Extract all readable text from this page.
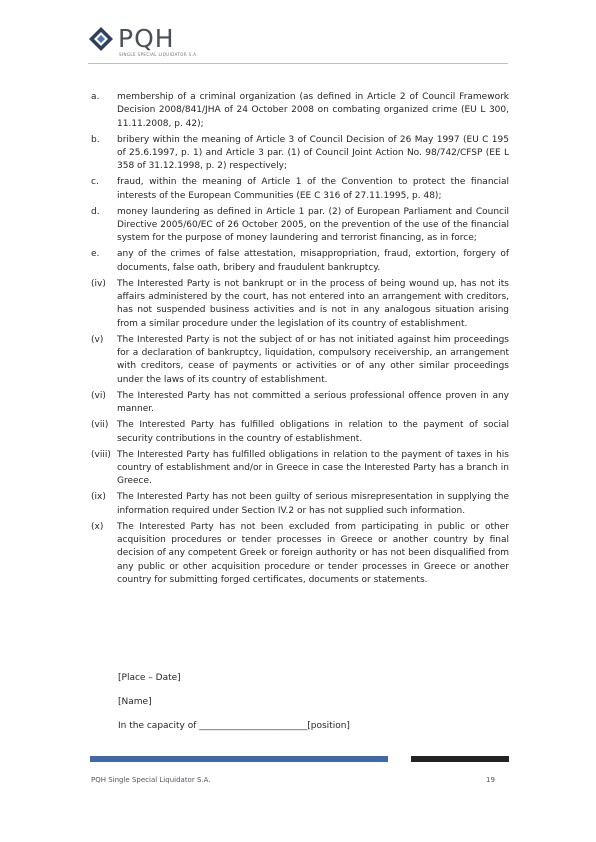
PQH
SINGLE SPECIAL LIQUIDATOR S.A.
a.	membership of a criminal organization (as defined in Article 2 of Council Framework Decision 2008/841/JHA of 24 October 2008 on combating organized crime (EU L 300, 11.11.2008, p. 42);
b.	bribery within the meaning of Article 3 of Council Decision of 26 May 1997 (EU C 195 of 25.6.1997, p. 1) and Article 3 par. (1) of Council Joint Action No. 98/742/CFSP (EE L 358 of 31.12.1998, p. 2) respectively;
c.	fraud, within the meaning of Article 1 of the Convention to protect the financial interests of the European Communities (EE C 316 of 27.11.1995, p. 48);
d.	money laundering as defined in Article 1 par. (2) of European Parliament and Council Directive 2005/60/EC of 26 October 2005, on the prevention of the use of the financial system for the purpose of money laundering and terrorist financing, as in force;
e.	any of the crimes of false attestation, misappropriation, fraud, extortion, forgery of documents, false oath, bribery and fraudulent bankruptcy.
(iv)	The Interested Party is not bankrupt or in the process of being wound up, has not its affairs administered by the court, has not entered into an arrangement with creditors, has not suspended business activities and is not in any analogous situation arising from a similar procedure under the legislation of its country of establishment.
(v)	The Interested Party is not the subject of or has not initiated against him proceedings for a declaration of bankruptcy, liquidation, compulsory receivership, an arrangement with creditors, cease of payments or activities or of any other similar proceedings under the laws of its country of establishment.
(vi)	The Interested Party has not committed a serious professional offence proven in any manner.
(vii) The Interested Party has fulfilled obligations in relation to the payment of social security contributions in the country of establishment.
(viii) The Interested Party has fulfilled obligations in relation to the payment of taxes in his country of establishment and/or in Greece in case the Interested Party has a branch in Greece.
(ix)	The Interested Party has not been guilty of serious misrepresentation in supplying the information required under Section IV.2 or has not supplied such information.
(x)	The Interested Party has not been excluded from participating in public or other acquisition procedures or tender processes in Greece or another country by final decision of any competent Greek or foreign authority or has not been disqualified from any public or other acquisition procedure or tender processes in Greece or another country for submitting forged certificates, documents or statements.
[Place – Date]
[Name]
In the capacity of ________________________[position]
PQH Single Special Liquidator S.A.	19
